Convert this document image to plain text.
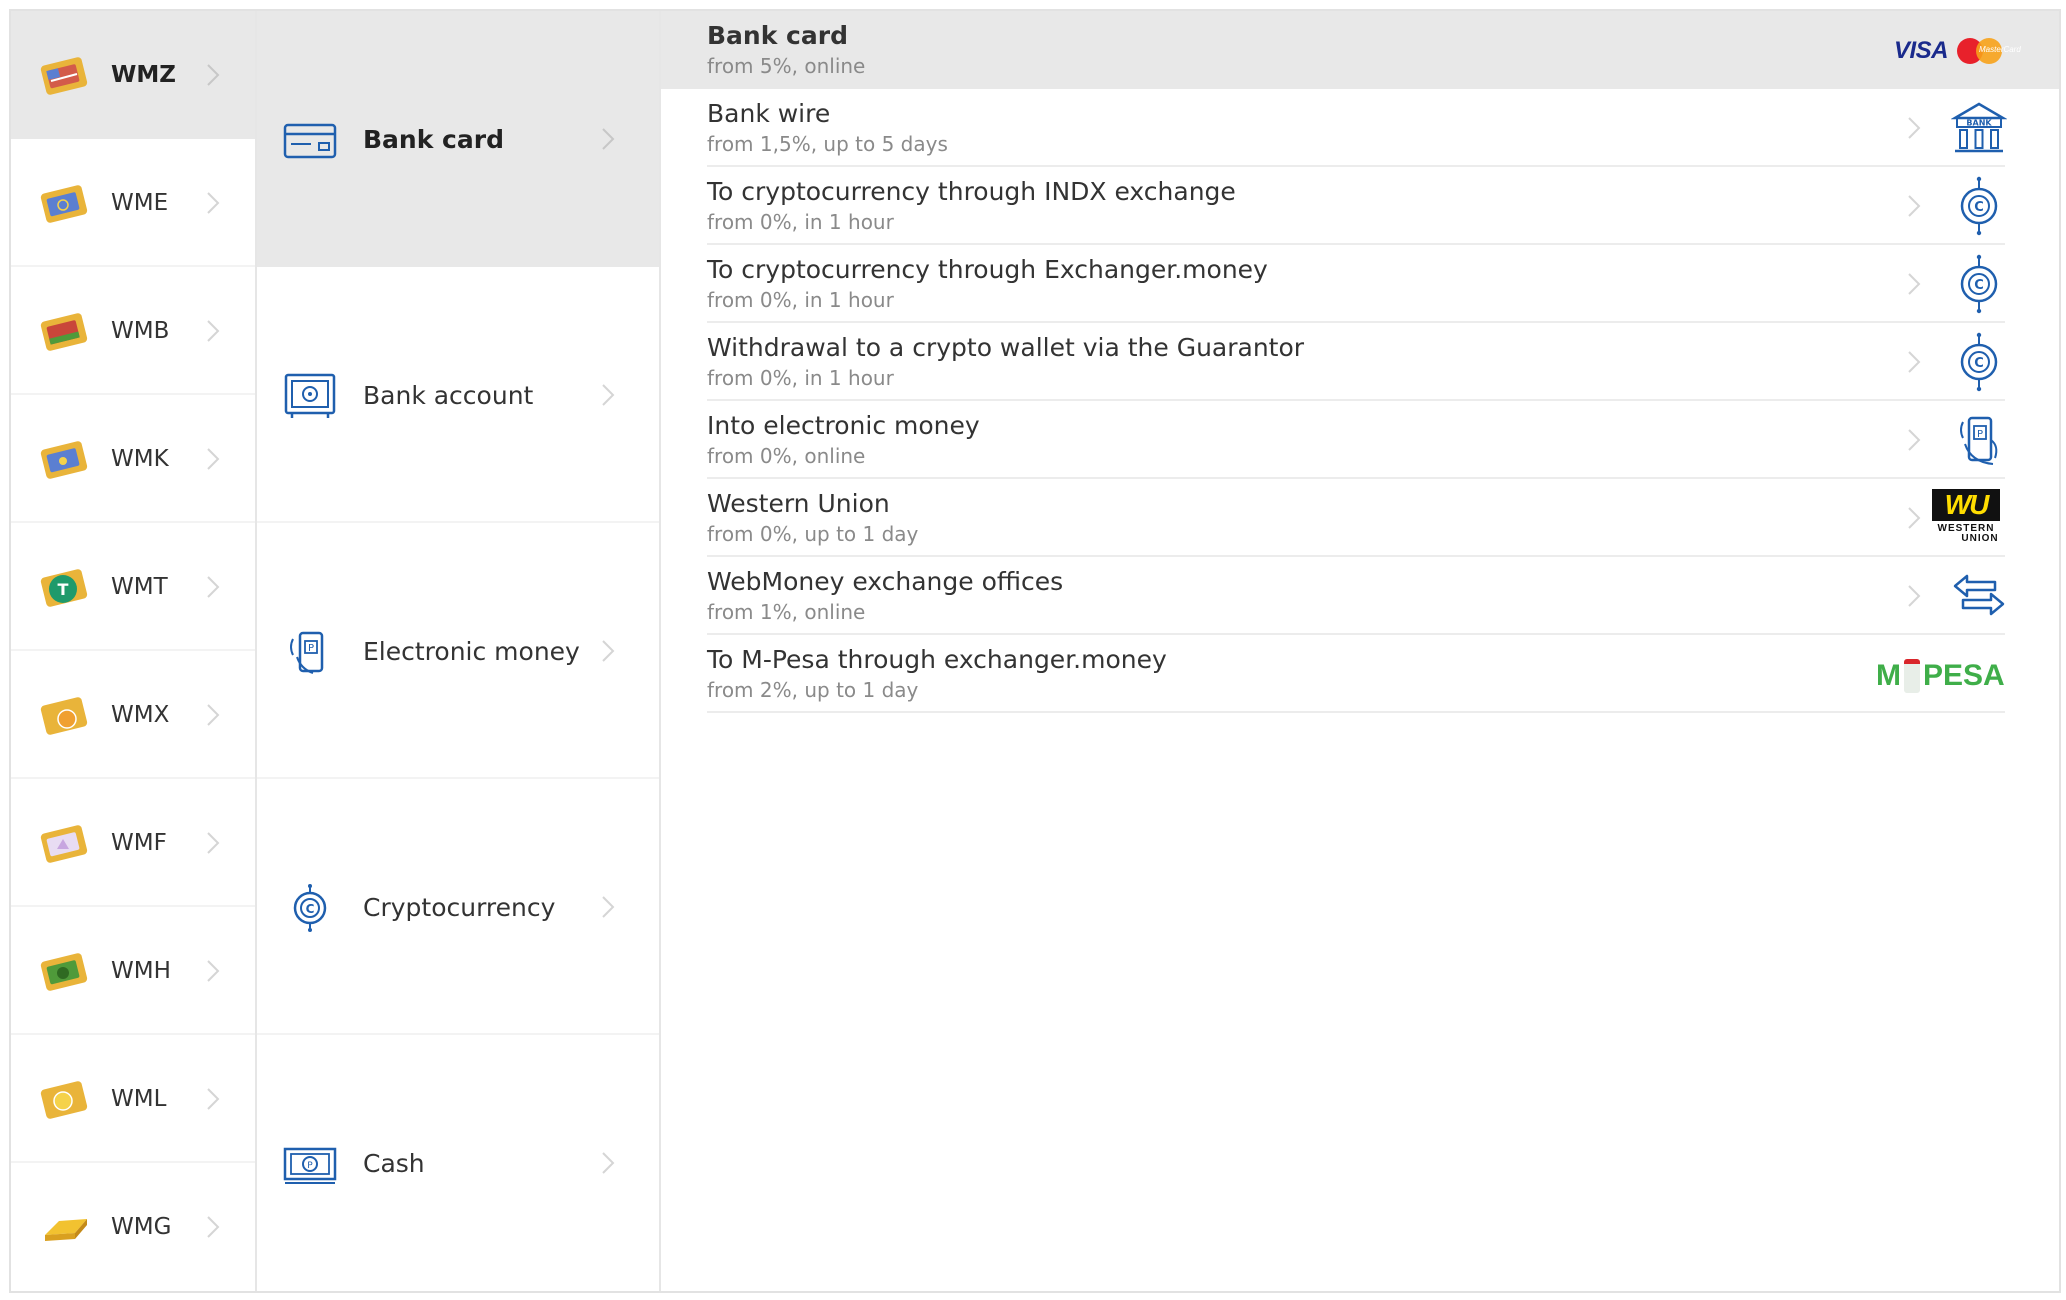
WMZ
WME
WMB
WMK
T WMT
WMX
WMF
WMH
WML
WMG
Bank card
Bank account
P Electronic money
C Cryptocurrency
P Cash
Bank card
from 5%, online
VISA	MasterCard
Bank wire
from 1,5%, up to 5 days
BANK
To cryptocurrency through INDX exchange
from 0%, in 1 hour
C
To cryptocurrency through Exchanger.money
from 0%, in 1 hour
C
Withdrawal to a crypto wallet via the Guarantor
from 0%, in 1 hour
C
Into electronic money
from 0%, online
P
Western Union
from 0%, up to 1 day
WU
WESTERN
UNION
WebMoney exchange offices
from 1%, online
To M-Pesa through exchanger.money
from 2%, up to 1 day	M PESA
